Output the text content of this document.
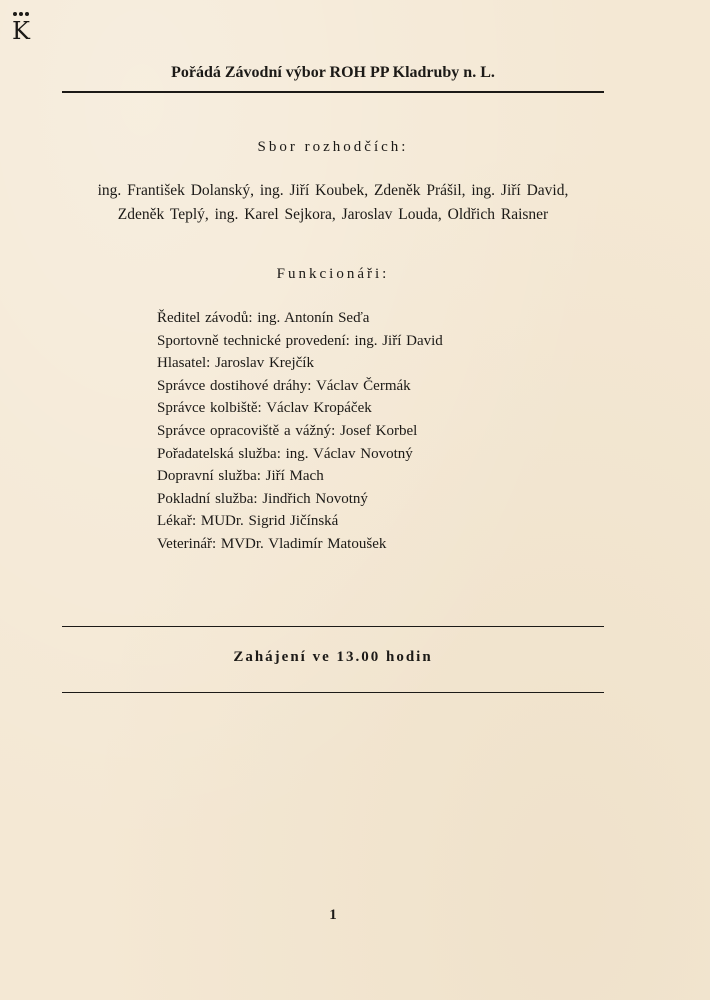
K
Pořádá Závodní výbor ROH PP Kladruby n. L.
Sbor rozhodčích:
ing. František Dolanský, ing. Jiří Koubek, Zdeněk Prášil, ing. Jiří David,
Zdeněk Teplý, ing. Karel Sejkora, Jaroslav Louda, Oldřich Raisner
Funkcionáři:
Ředitel závodů: ing. Antonín Seďa
Sportovně technické provedení: ing. Jiří David
Hlasatel: Jaroslav Krejčík
Správce dostihové dráhy: Václav Čermák
Správce kolbiště: Václav Kropáček
Správce opracoviště a vážný: Josef Korbel
Pořadatelská služba: ing. Václav Novotný
Dopravní služba: Jiří Mach
Pokladní služba: Jindřich Novotný
Lékař: MUDr. Sigrid Jičínská
Veterinář: MVDr. Vladimír Matoušek
Zahájení ve 13.00 hodin
1
